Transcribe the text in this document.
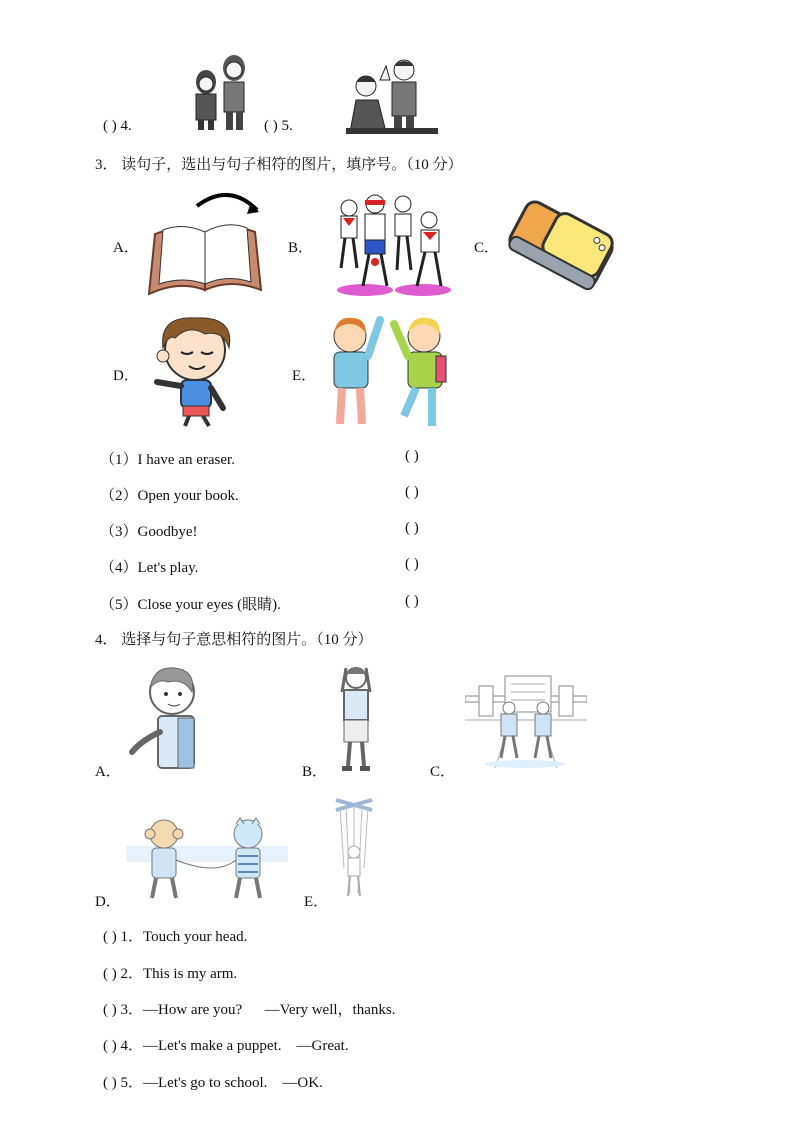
( ) 4.	( ) 5.
3． 读句子，选出与句子相符的图片，填序号。（10 分）
A．	B．	C．
D．	E．
（1）I have an eraser.	( )
（2）Open your book.	( )
（3）Goodbye!	( )
（4）Let's play.	( )
（5）Close your eyes (眼睛).	( )
4． 选择与句子意思相符的图片。（10 分）
A．	B．	C．
D．	E．
( ) 1．Touch your head.
( ) 2．This is my arm.
( ) 3．—How are you?      —Very well，thanks.
( ) 4．—Let's make a puppet.    —Great.
( ) 5．—Let's go to school.    —OK.
